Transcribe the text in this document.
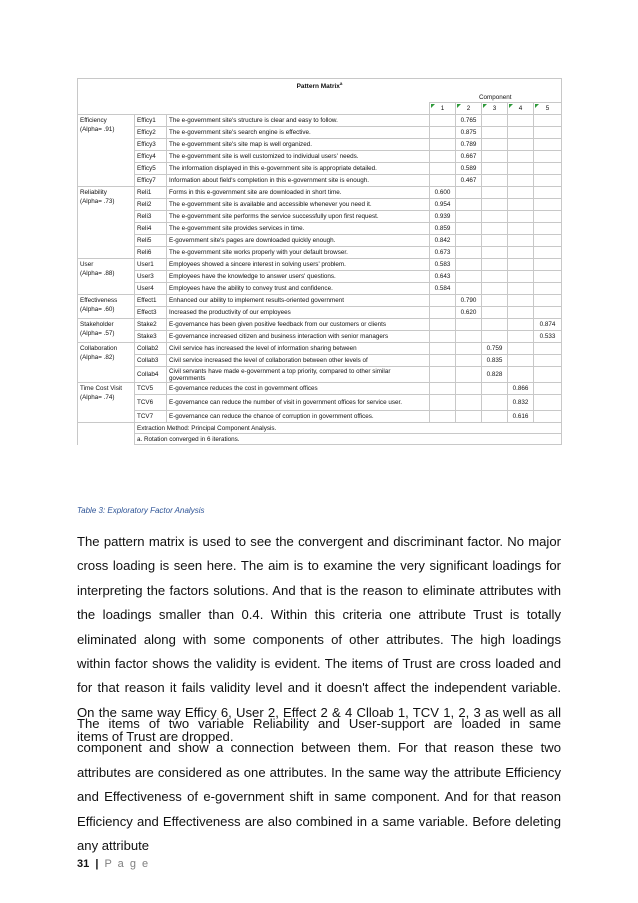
Pattern Matrix$^a$
			Component				

1	2	3	4	5

Efficiency
(Alpha= .91)	Efficy1	The e-government site's structure is clear and easy to follow.		0.765			
	Efficy2	The e-government site's search engine is effective.		0.875			
	Efficy3	The e-government site's site map is well organized.		0.789			
	Efficy4	The e-government site is well customized to individual users' needs.		0.667			
	Efficy5	The information displayed in this e-government site is appropriate detailed.		0.589			
	Efficy7	Information about field's completion in this e-government site is enough.		0.467			

Reliability
(Alpha= .73)	Reli1	Forms in this e-government site are downloaded in short time.	0.600				
	Reli2	The e-government site is available and accessible whenever you need it.	0.954				
	Reli3	The e-government site performs the service successfully upon first request.	0.939				
	Reli4	The e-government site provides services in time.	0.859				
	Reli5	E-government site's pages are downloaded quickly enough.	0.842				
	Reli6	The e-government site works properly with your default browser.	0.673				

User
(Alpha= .88)	User1	Employees showed a sincere interest in solving users' problem.	0.583				
	User3	Employees have the knowledge to answer users' questions.	0.643				
	User4	Employees have the ability to convey trust and confidence.	0.584				

Effectiveness
(Alpha= .60)	Effect1	Enhanced our ability to implement results-oriented government		0.790			
	Effect3	Increased the productivity of our employees		0.620			

Stakeholder
(Alpha= .57)	Stake2	E-governance has been given positive feedback from our customers or clients					0.874
	Stake3	E-governance increased citizen and business interaction with senior managers					0.533

Collaboration
(Alpha= .82)	Collab2	Civil service has increased the level of information sharing between			0.759		
	Collab3	Civil service increased the level of collaboration between other levels of			0.835		
	Collab4	Civil servants have made e-government a top priority, compared to other similar governments			0.828		

Time Cost Visit
(Alpha= .74)	TCV5	E-governance reduces the cost in government offices				0.866	
	TCV6	E-governance can reduce the number of visit in government offices for service user.				0.832	
	TCV7	E-governance can reduce the chance of corruption in government offices.				0.616	
	Extraction Method: Principal Component Analysis.						
	a. Rotation converged in 6 iterations.						
Table 3: Exploratory Factor Analysis

The pattern matrix is used to see the convergent and discriminant factor. No major cross loading is seen here. The aim is to examine the very significant loadings for interpreting the factors solutions. And that is the reason to eliminate attributes with the loadings smaller than 0.4. Within this criteria one attribute Trust is totally eliminated along with some components of other attributes. The high loadings within factor shows the validity is evident. The items of Trust are cross loaded and for that reason it fails validity level and it doesn't affect the independent variable. On the same way Efficy 6, User 2, Effect 2 & 4 Clloab 1, TCV 1, 2, 3 as well as all items of Trust are dropped.

The items of two variable Reliability and User-support are loaded in same component and show a connection between them. For that reason these two attributes are considered as one attributes. In the same way the attribute Efficiency and Effectiveness of e-government shift in same component. And for that reason Efficiency and Effectiveness are also combined in a same variable. Before deleting any attribute

31 | P a g e
